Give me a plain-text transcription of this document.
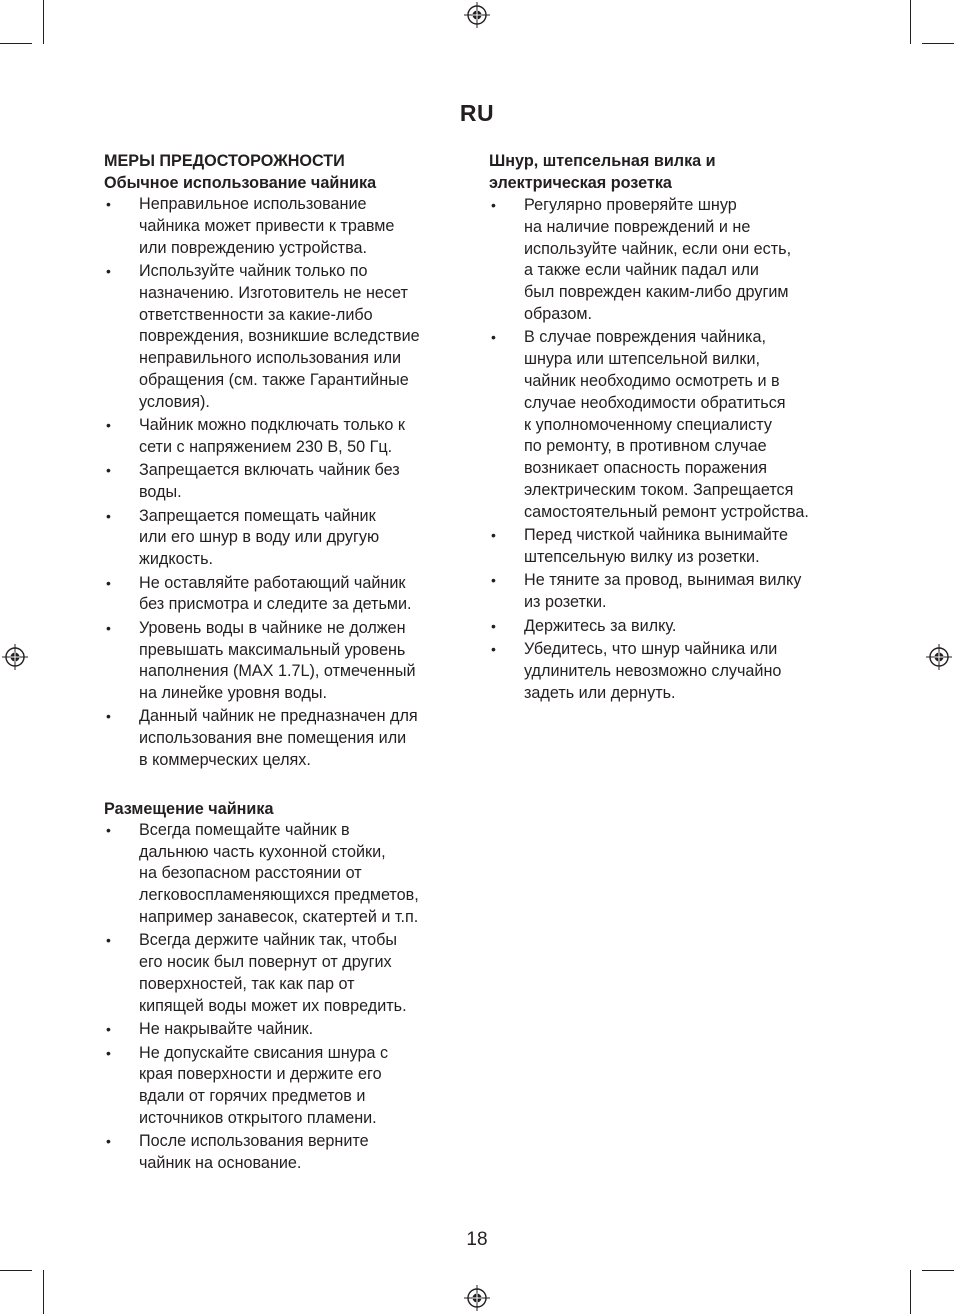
RU
МЕРЫ ПРЕДОСТОРОЖНОСТИ
Обычное использование чайника
• Неправильное использование
чайника может привести к травме
или повреждению устройства.
• Используйте чайник только по
назначению. Изготовитель не несет
ответственности за какие-либо
повреждения, возникшие вследствие
неправильного использования или
обращения (см. также Гарантийные
условия).
• Чайник можно подключать только к
сети с напряжением 230 В, 50 Гц.
• Запрещается включать чайник без
воды.
• Запрещается помещать чайник
или его шнур в воду или другую
жидкость.
• Не оставляйте работающий чайник
без присмотра и следите за детьми.
• Уровень воды в чайнике не должен
превышать максимальный уровень
наполнения (MAX 1.7L), отмеченный
на линейке уровня воды.
• Данный чайник не предназначен для
использования вне помещения или
в коммерческих целях.
Размещение чайника
• Всегда помещайте чайник в
дальнюю часть кухонной стойки,
на безопасном расстоянии от
легковоспламеняющихся предметов,
например занавесок, скатертей и т.п.
• Всегда держите чайник так, чтобы
его носик был повернут от других
поверхностей, так как пар от
кипящей воды может их повредить.
• Не накрывайте чайник.
• Не допускайте свисания шнура с
края поверхности и держите его
вдали от горячих предметов и
источников открытого пламени.
• После использования верните
чайник на основание.
Шнур, штепсельная вилка и
электрическая розетка
• Регулярно проверяйте шнур
на наличие повреждений и не
используйте чайник, если они есть,
а также если чайник падал или
был поврежден каким-либо другим
образом.
• В случае повреждения чайника,
шнура или штепсельной вилки,
чайник необходимо осмотреть и в
случае необходимости обратиться
к уполномоченному специалисту
по ремонту, в противном случае
возникает опасность поражения
электрическим током. Запрещается
самостоятельный ремонт устройства.
• Перед чисткой чайника вынимайте
штепсельную вилку из розетки.
• Не тяните за провод, вынимая вилку
из розетки.
• Держитесь за вилку.
• Убедитесь, что шнур чайника или
удлинитель невозможно случайно
задеть или дернуть.
18
